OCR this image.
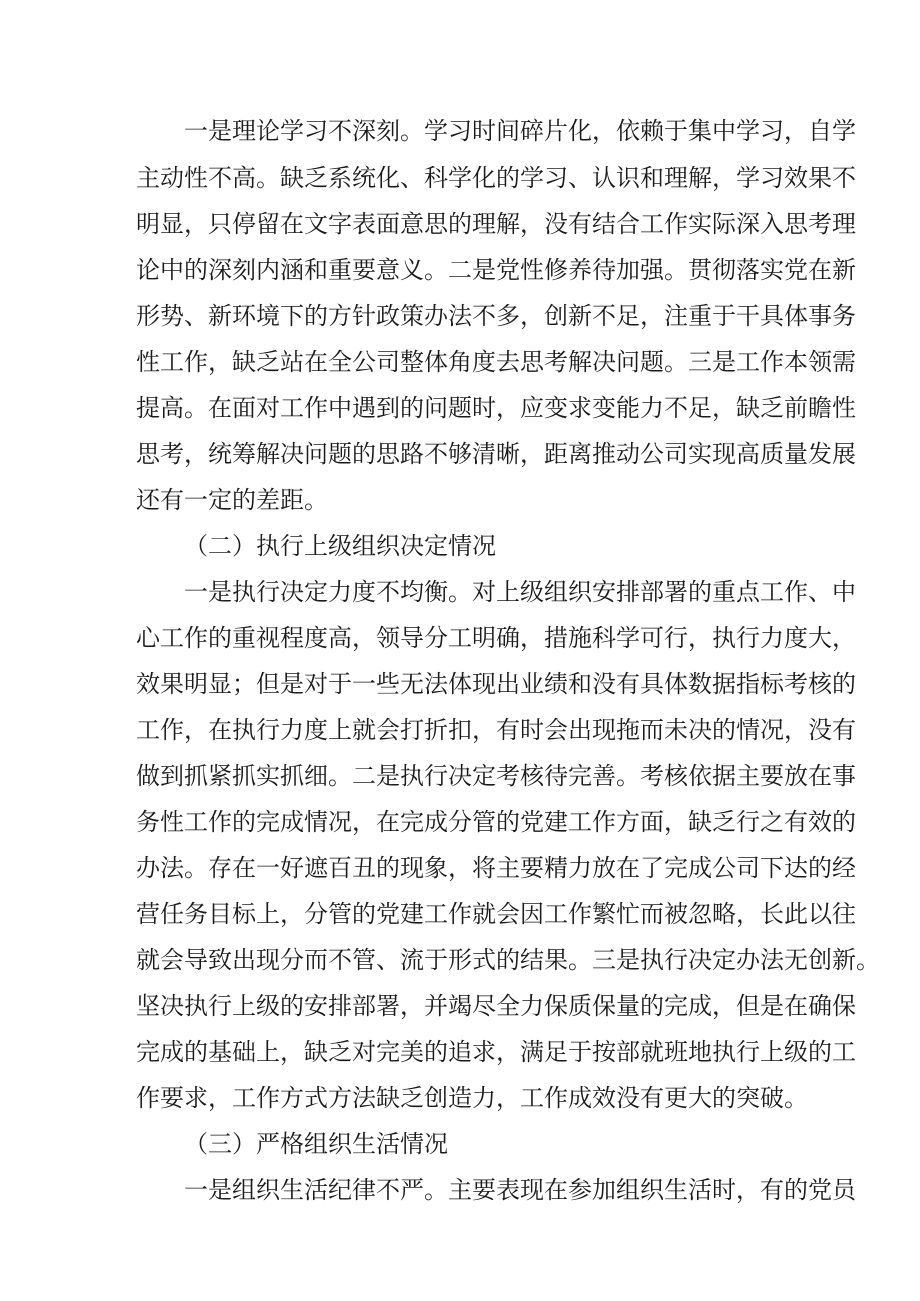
一是理论学习不深刻。学习时间碎片化，依赖于集中学习，自学
主动性不高。缺乏系统化、科学化的学习、认识和理解，学习效果不
明显，只停留在文字表面意思的理解，没有结合工作实际深入思考理
论中的深刻内涵和重要意义。二是党性修养待加强。贯彻落实党在新
形势、新环境下的方针政策办法不多，创新不足，注重于干具体事务
性工作，缺乏站在全公司整体角度去思考解决问题。三是工作本领需
提高。在面对工作中遇到的问题时，应变求变能力不足，缺乏前瞻性
思考，统筹解决问题的思路不够清晰，距离推动公司实现高质量发展
还有一定的差距。
（二）执行上级组织决定情况
一是执行决定力度不均衡。对上级组织安排部署的重点工作、中
心工作的重视程度高，领导分工明确，措施科学可行，执行力度大，
效果明显；但是对于一些无法体现出业绩和没有具体数据指标考核的
工作，在执行力度上就会打折扣，有时会出现拖而未决的情况，没有
做到抓紧抓实抓细。二是执行决定考核待完善。考核依据主要放在事
务性工作的完成情况，在完成分管的党建工作方面，缺乏行之有效的
办法。存在一好遮百丑的现象，将主要精力放在了完成公司下达的经
营任务目标上，分管的党建工作就会因工作繁忙而被忽略，长此以往
就会导致出现分而不管、流于形式的结果。三是执行决定办法无创新。
坚决执行上级的安排部署，并竭尽全力保质保量的完成，但是在确保
完成的基础上，缺乏对完美的追求，满足于按部就班地执行上级的工
作要求，工作方式方法缺乏创造力，工作成效没有更大的突破。
（三）严格组织生活情况
一是组织生活纪律不严。主要表现在参加组织生活时，有的党员
